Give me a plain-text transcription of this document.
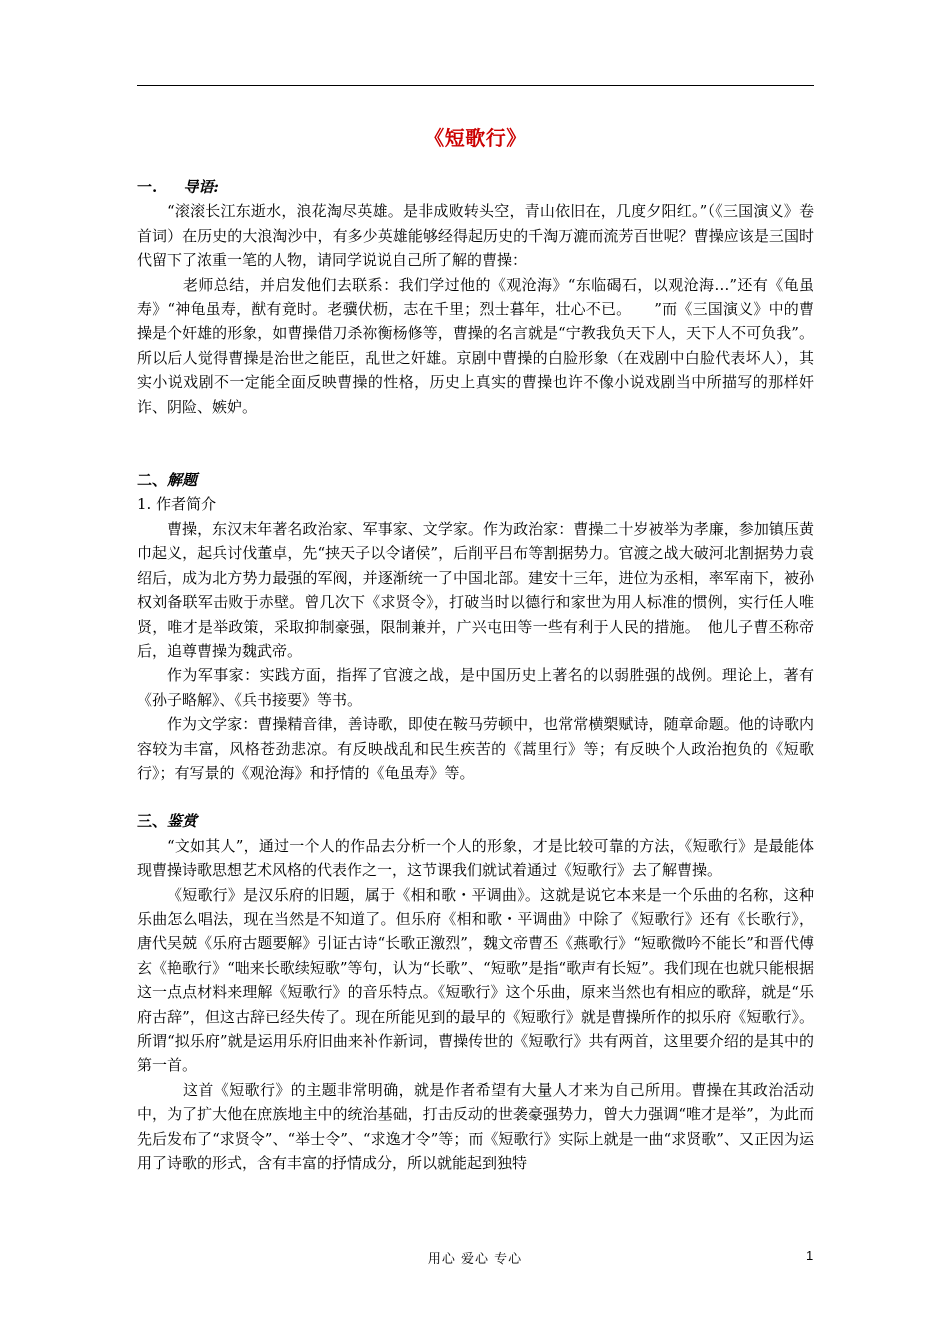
《短歌行》
一. 导语:

“滚滚长江东逝水，浪花淘尽英雄。是非成败转头空，青山依旧在，几度夕阳红。”（《三国演义》卷首词）在历史的大浪淘沙中，有多少英雄能够经得起历史的千淘万漉而流芳百世呢？曹操应该是三国时代留下了浓重一笔的人物，请同学说说自己所了解的曹操：

老师总结，并启发他们去联系：我们学过他的《观沧海》“东临碣石，以观沧海…”还有《龟虽寿》“神龟虽寿，猷有竟时。老骥伏枥，志在千里；烈士暮年，壮心不已。　　”而《三国演义》中的曹操是个奸雄的形象，如曹操借刀杀祢衡杨修等，曹操的名言就是“宁教我负天下人，天下人不可负我”。所以后人觉得曹操是治世之能臣，乱世之奸雄。京剧中曹操的白脸形象（在戏剧中白脸代表坏人），其实小说戏剧不一定能全面反映曹操的性格，历史上真实的曹操也许不像小说戏剧当中所描写的那样奸诈、阴险、嫉妒。

二、解题

1. 作者简介

曹操，东汉末年著名政治家、军事家、文学家。作为政治家：曹操二十岁被举为孝廉，参加镇压黄巾起义，起兵讨伐董卓，先“挟天子以令诸侯”，后削平吕布等割据势力。官渡之战大破河北割据势力袁绍后，成为北方势力最强的军阀，并逐渐统一了中国北部。建安十三年，进位为丞相，率军南下，被孙权刘备联军击败于赤壁。曾几次下《求贤令》，打破当时以德行和家世为用人标准的惯例，实行任人唯贤，唯才是举政策，采取抑制豪强，限制兼并，广兴屯田等一些有利于人民的措施。　他儿子曹丕称帝后，追尊曹操为魏武帝。

作为军事家：实践方面，指挥了官渡之战，是中国历史上著名的以弱胜强的战例。理论上，著有《孙子略解》、《兵书接要》等书。

作为文学家：曹操精音律，善诗歌，即使在鞍马劳顿中，也常常横槊赋诗，随章命题。他的诗歌内容较为丰富，风格苍劲悲凉。有反映战乱和民生疾苦的《蒿里行》等；有反映个人政治抱负的《短歌行》；有写景的《观沧海》和抒情的《龟虽寿》等。

三、鉴赏

“文如其人”，通过一个人的作品去分析一个人的形象，才是比较可靠的方法，《短歌行》是最能体现曹操诗歌思想艺术风格的代表作之一，这节课我们就试着通过《短歌行》去了解曹操。

《短歌行》是汉乐府的旧题，属于《相和歌・平调曲》。这就是说它本来是一个乐曲的名称，这种乐曲怎么唱法，现在当然是不知道了。但乐府《相和歌・平调曲》中除了《短歌行》还有《长歌行》，唐代吴兢《乐府古题要解》引证古诗“长歌正激烈”，魏文帝曹丕《燕歌行》“短歌微吟不能长”和晋代傅玄《艳歌行》“咄来长歌续短歌”等句，认为“长歌”、“短歌”是指“歌声有长短”。我们现在也就只能根据这一点点材料来理解《短歌行》的音乐特点。《短歌行》这个乐曲，原来当然也有相应的歌辞，就是“乐府古辞”，但这古辞已经失传了。现在所能见到的最早的《短歌行》就是曹操所作的拟乐府《短歌行》。所谓“拟乐府”就是运用乐府旧曲来补作新词，曹操传世的《短歌行》共有两首，这里要介绍的是其中的第一首。

这首《短歌行》的主题非常明确，就是作者希望有大量人才来为自己所用。曹操在其政治活动中，为了扩大他在庶族地主中的统治基础，打击反动的世袭豪强势力，曾大力强调“唯才是举”，为此而先后发布了“求贤令”、“举士令”、“求逸才令”等；而《短歌行》实际上就是一曲“求贤歌”、又正因为运用了诗歌的形式，含有丰富的抒情成分，所以就能起到独特

用心 爱心 专心	1
